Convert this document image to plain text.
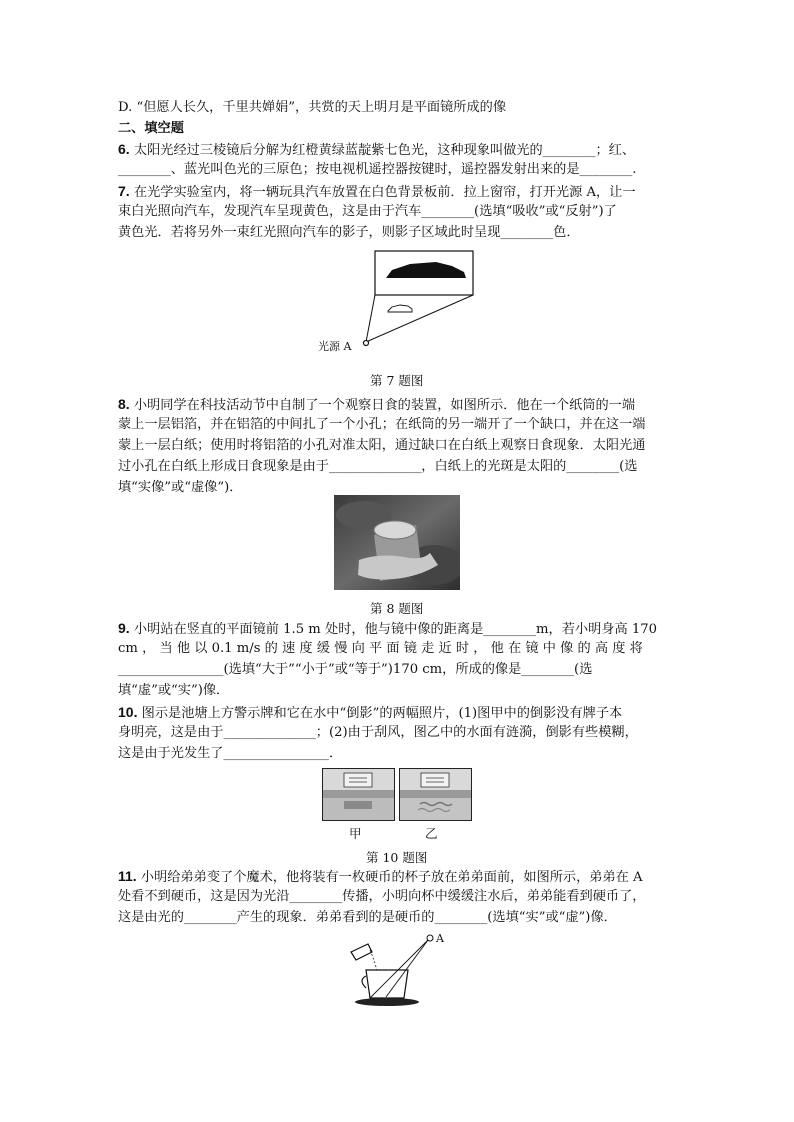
D. “但愿人长久，千里共婵娟”，共赏的天上明月是平面镜所成的像
二、填空题
6. 太阳光经过三棱镜后分解为红橙黄绿蓝靛紫七色光，这种现象叫做光的________；红、
________、蓝光叫色光的三原色；按电视机遥控器按键时，遥控器发射出来的是________.
7. 在光学实验室内，将一辆玩具汽车放置在白色背景板前．拉上窗帘，打开光源 A，让一
束白光照向汽车，发现汽车呈现黄色，这是由于汽车________(选填“吸收”或“反射”)了
黄色光．若将另外一束红光照向汽车的影子，则影子区域此时呈现________色．
光源 A
第 7 题图
8. 小明同学在科技活动节中自制了一个观察日食的装置，如图所示．他在一个纸筒的一端
蒙上一层铝箔，并在铝箔的中间扎了一个小孔；在纸筒的另一端开了一个缺口，并在这一端
蒙上一层白纸；使用时将铝箔的小孔对准太阳，通过缺口在白纸上观察日食现象．太阳光通
过小孔在白纸上形成日食现象是由于______________，白纸上的光斑是太阳的________(选
填“实像”或“虚像”)．
第 8 题图
9. 小明站在竖直的平面镜前 1.5 m 处时，他与镜中像的距离是________m，若小明身高 170
cm ， 当 他 以 0.1 m/s 的 速 度 缓 慢 向 平 面 镜 走 近 时 ， 他 在 镜 中 像 的 高 度 将
________________(选填“大于”“小于”或“等于”)170 cm，所成的像是________(选
填“虚”或“实”)像．
10. 图示是池塘上方警示牌和它在水中“倒影”的两幅照片，(1)图甲中的倒影没有牌子本
身明亮，这是由于______________；(2)由于刮风，图乙中的水面有涟漪，倒影有些模糊，
这是由于光发生了________________．
甲	乙
第 10 题图
11. 小明给弟弟变了个魔术，他将装有一枚硬币的杯子放在弟弟面前，如图所示，弟弟在 A
处看不到硬币，这是因为光沿________传播，小明向杯中缓缓注水后，弟弟能看到硬币了，
这是由光的________产生的现象．弟弟看到的是硬币的________(选填“实”或“虚”)像．
A
